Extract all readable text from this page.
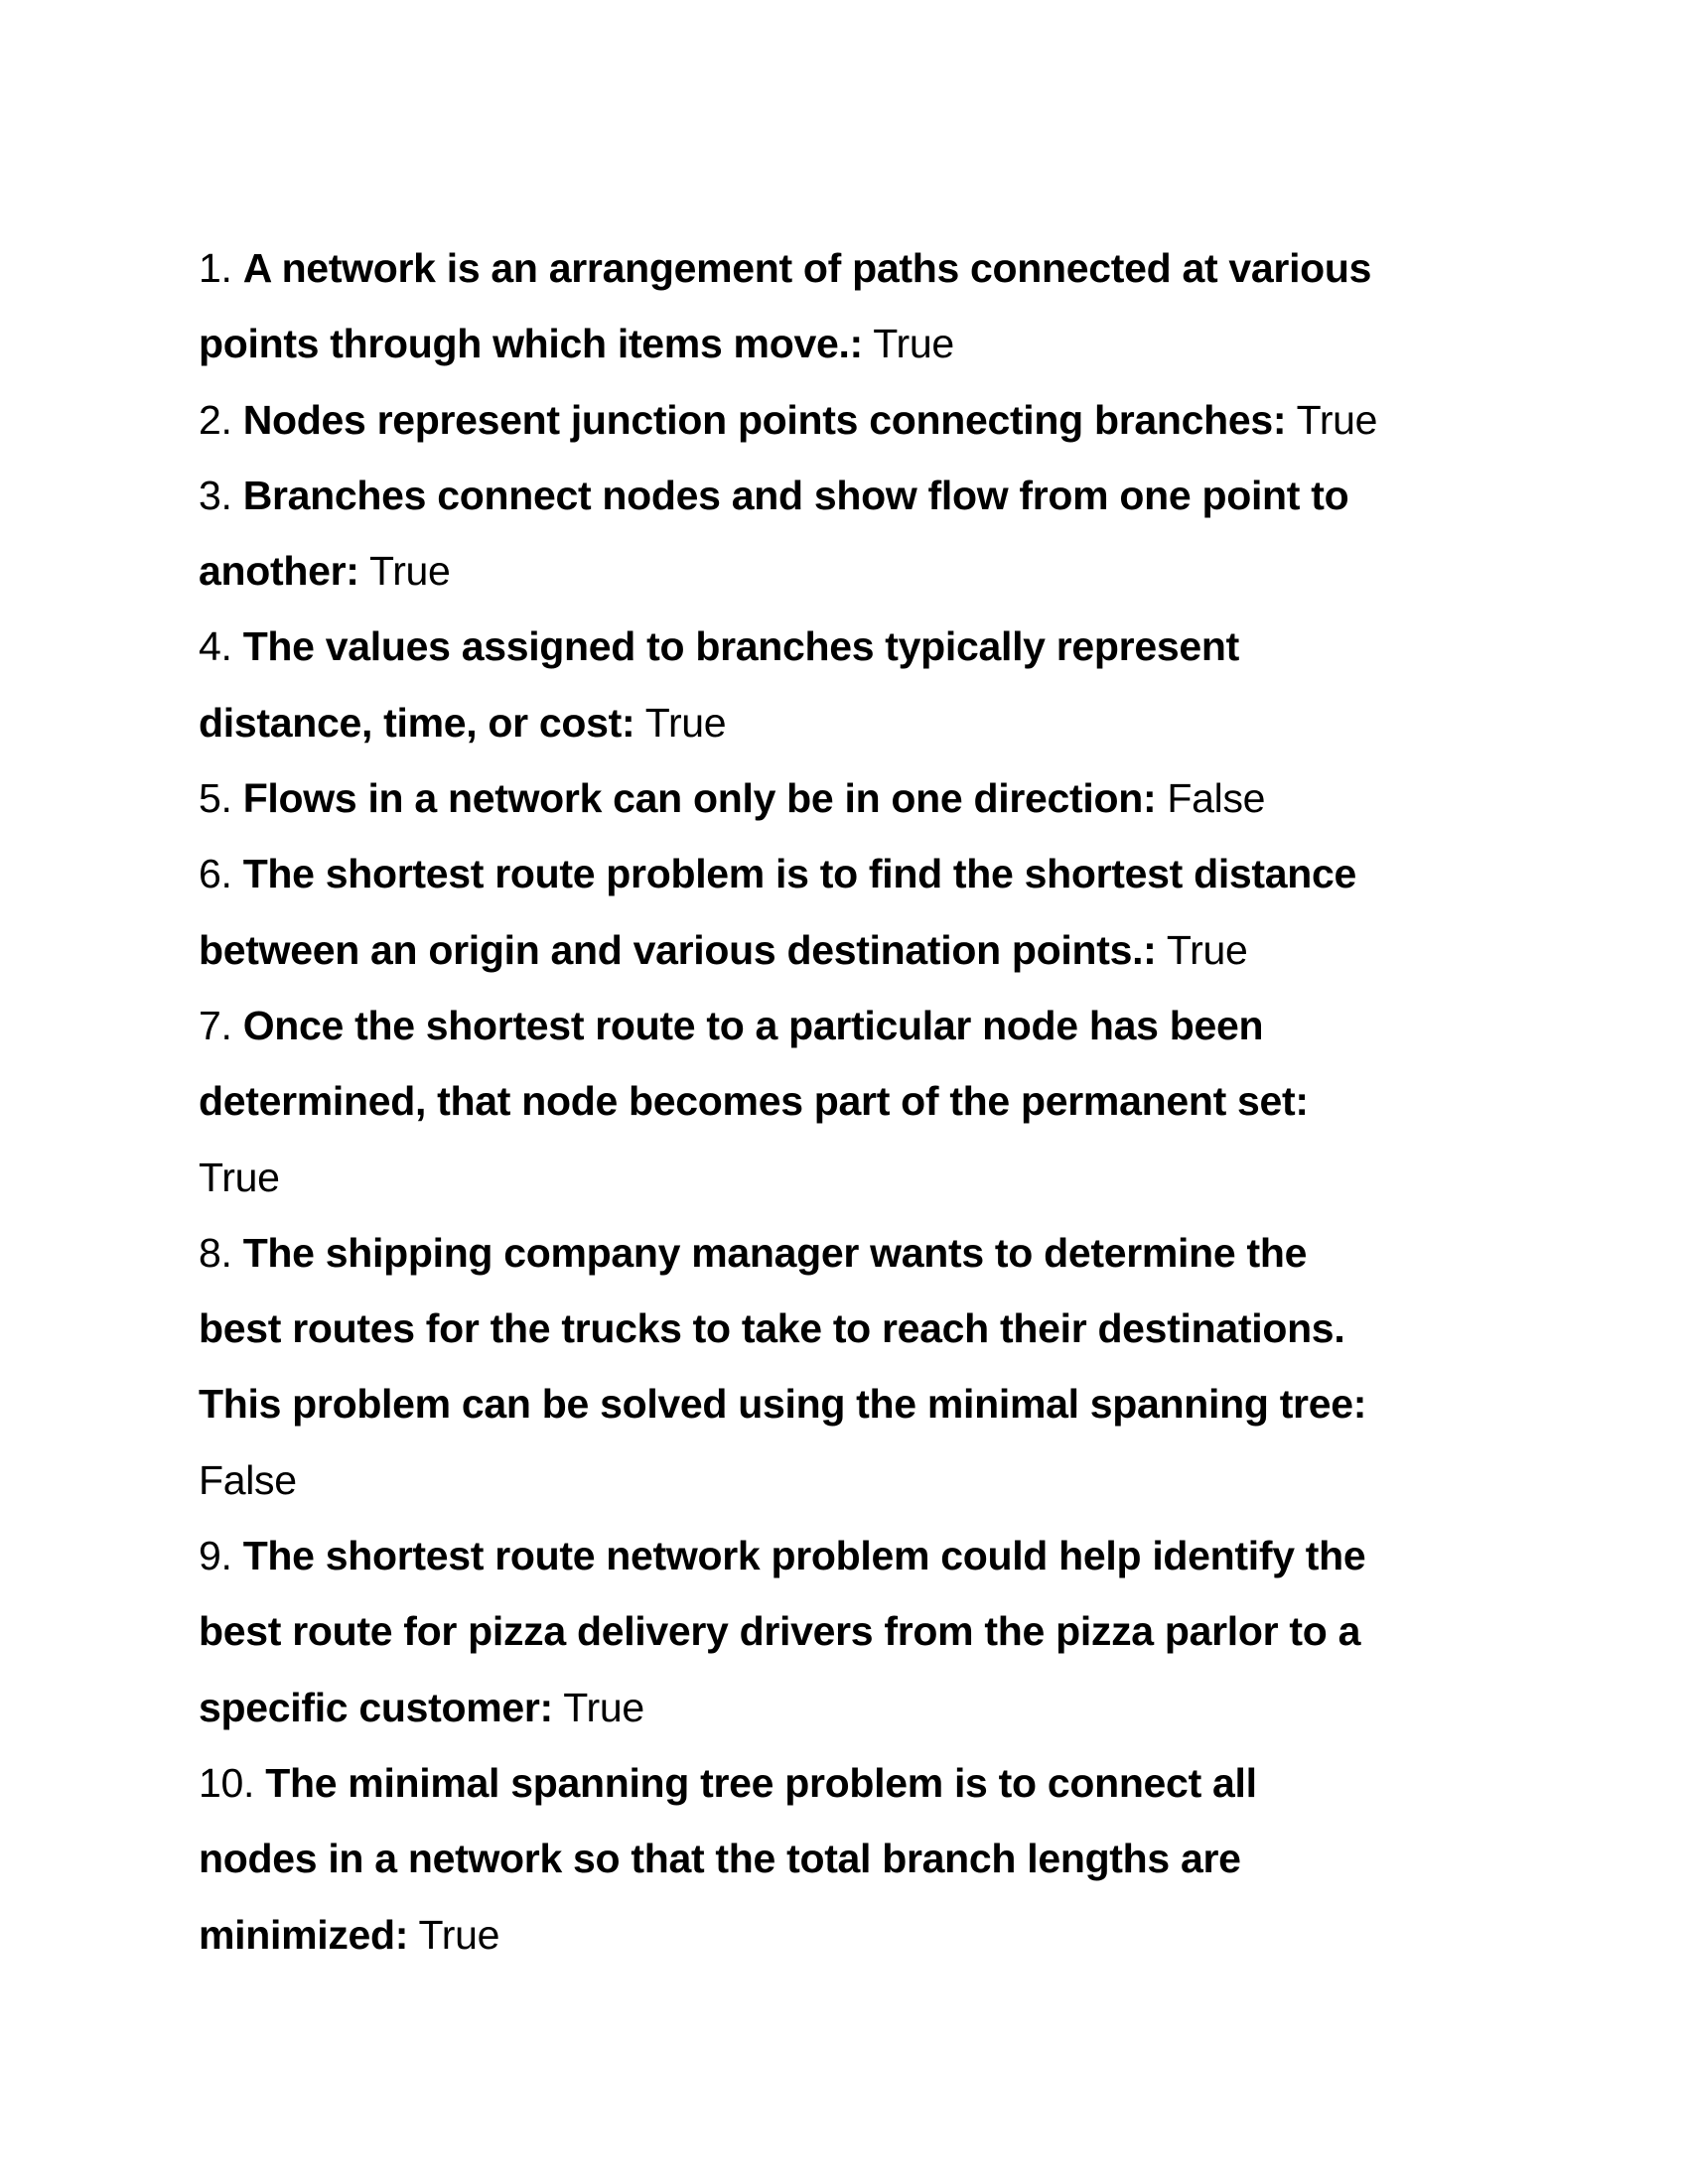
1. A network is an arrangement of paths connected at various
points through which items move.: True
2. Nodes represent junction points connecting branches: True
3. Branches connect nodes and show flow from one point to
another: True
4. The values assigned to branches typically represent
distance, time, or cost: True
5. Flows in a network can only be in one direction: False
6. The shortest route problem is to find the shortest distance
between an origin and various destination points.: True
7. Once the shortest route to a particular node has been
determined, that node becomes part of the permanent set:
True
8. The shipping company manager wants to determine the
best routes for the trucks to take to reach their destinations.
This problem can be solved using the minimal spanning tree:
False
9. The shortest route network problem could help identify the
best route for pizza delivery drivers from the pizza parlor to a
specific customer: True
10. The minimal spanning tree problem is to connect all
nodes in a network so that the total branch lengths are
minimized: True
